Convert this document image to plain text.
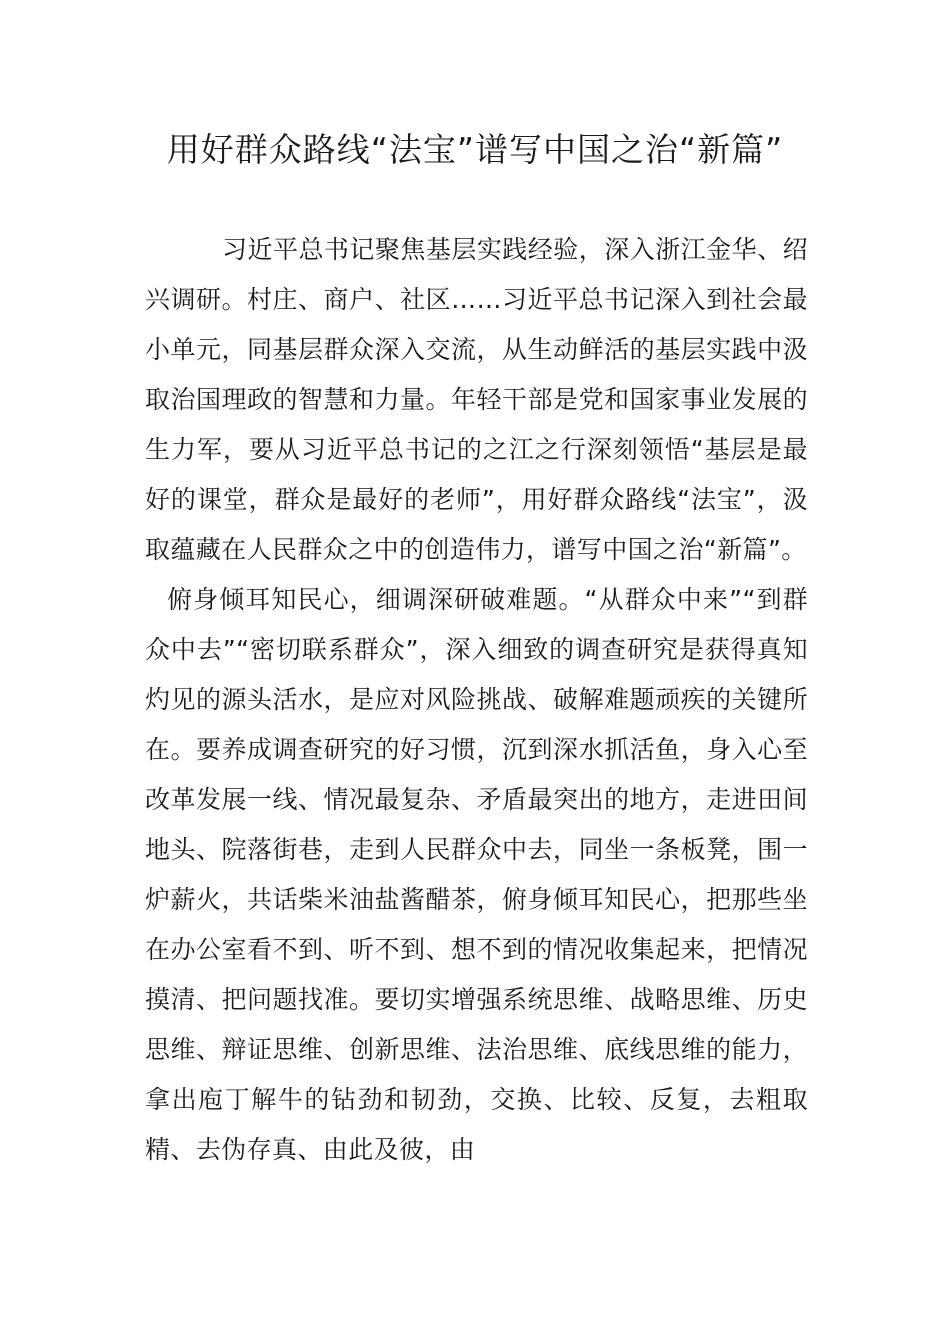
用好群众路线“法宝”谱写中国之治“新篇”

习近平总书记聚焦基层实践经验，深入浙江金华、绍兴调研。村庄、商户、社区……习近平总书记深入到社会最小单元，同基层群众深入交流，从生动鲜活的基层实践中汲取治国理政的智慧和力量。年轻干部是党和国家事业发展的生力军，要从习近平总书记的之江之行深刻领悟“基层是最好的课堂，群众是最好的老师”，用好群众路线“法宝”，汲取蕴藏在人民群众之中的创造伟力，谱写中国之治“新篇”。

俯身倾耳知民心，细调深研破难题。“从群众中来”“到群众中去”“密切联系群众”，深入细致的调查研究是获得真知灼见的源头活水，是应对风险挑战、破解难题顽疾的关键所在。要养成调查研究的好习惯，沉到深水抓活鱼，身入心至改革发展一线、情况最复杂、矛盾最突出的地方，走进田间地头、院落街巷，走到人民群众中去，同坐一条板凳，围一炉薪火，共话柴米油盐酱醋茶，俯身倾耳知民心，把那些坐在办公室看不到、听不到、想不到的情况收集起来，把情况摸清、把问题找准。要切实增强系统思维、战略思维、历史思维、辩证思维、创新思维、法治思维、底线思维的能力，拿出庖丁解牛的钻劲和韧劲，交换、比较、反复，去粗取精、去伪存真、由此及彼，由
